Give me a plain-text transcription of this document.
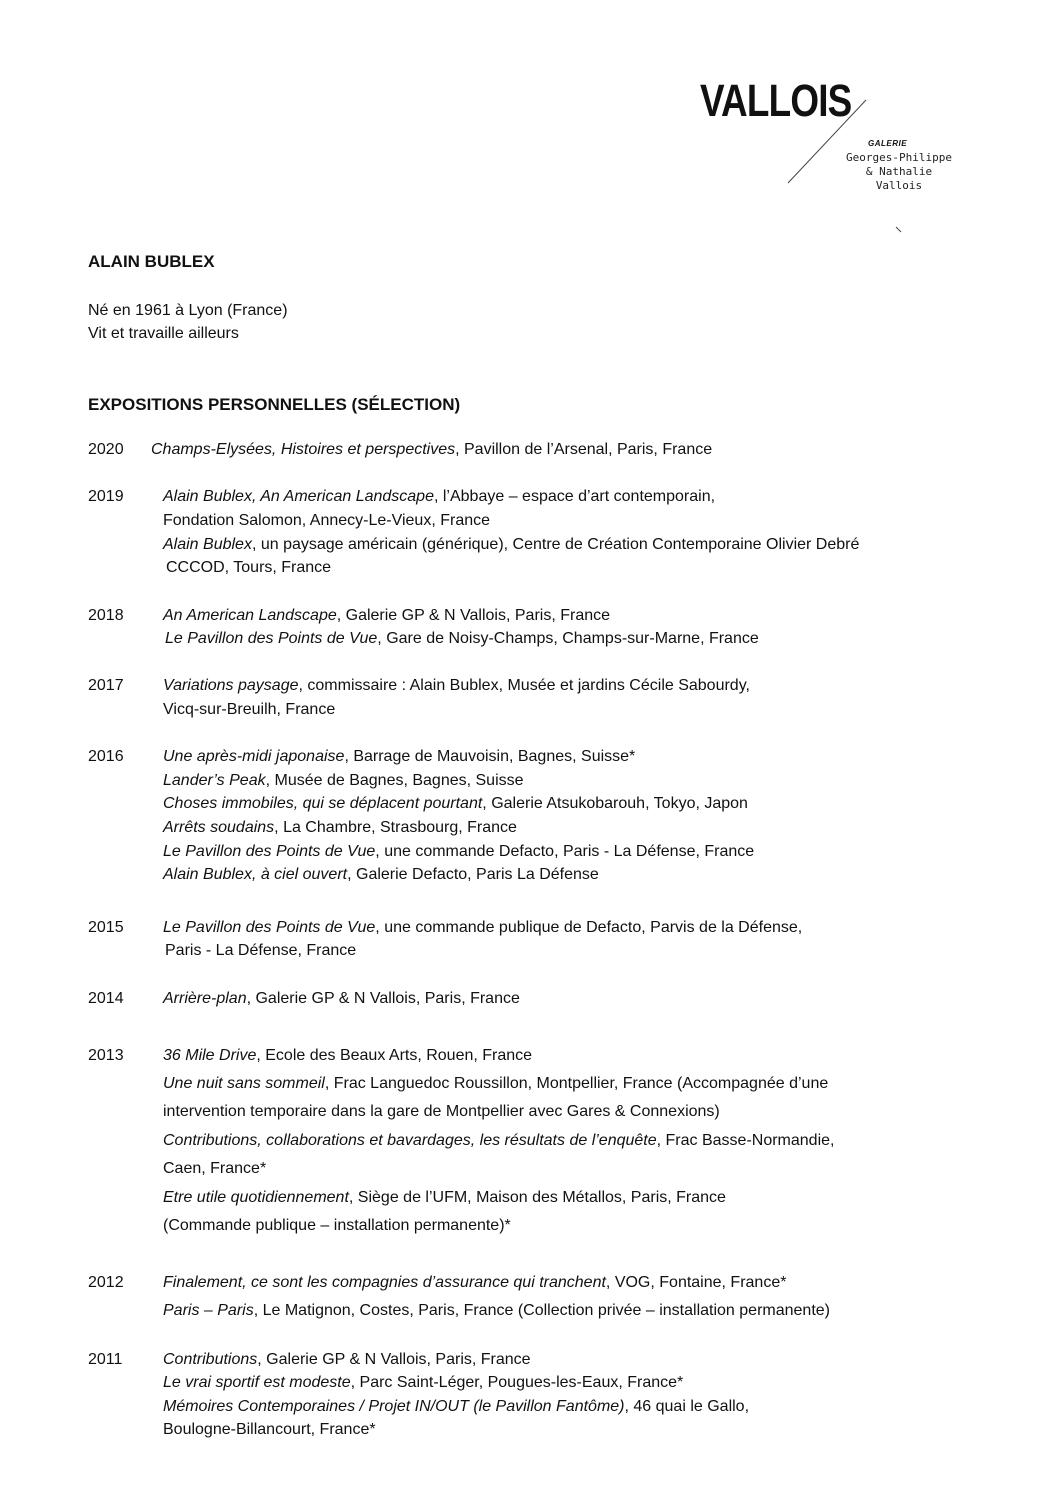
VALLOIS
GALERIE
Georges-Philippe
& Nathalie
Vallois
ALAIN BUBLEX
Né en 1961 à Lyon (France)
Vit et travaille ailleurs
EXPOSITIONS PERSONNELLES (SÉLECTION)
2020
2019
2018
2017
2016
2015
2014
2013
2012
2011
Champs-Elysées, Histoires et perspectives, Pavillon de l’Arsenal, Paris, France
Alain Bublex, An American Landscape, l’Abbaye – espace d’art contemporain,
Fondation Salomon, Annecy-Le-Vieux, France
Alain Bublex, un paysage américain (générique), Centre de Création Contemporaine Olivier Debré
CCCOD, Tours, France
An American Landscape, Galerie GP & N Vallois, Paris, France
Le Pavillon des Points de Vue, Gare de Noisy-Champs, Champs-sur-Marne, France
Variations paysage, commissaire : Alain Bublex, Musée et jardins Cécile Sabourdy,
Vicq-sur-Breuilh, France
Une après-midi japonaise, Barrage de Mauvoisin, Bagnes, Suisse*
Lander’s Peak, Musée de Bagnes, Bagnes, Suisse
Choses immobiles, qui se déplacent pourtant, Galerie Atsukobarouh, Tokyo, Japon
Arrêts soudains, La Chambre, Strasbourg, France
Le Pavillon des Points de Vue, une commande Defacto, Paris - La Défense, France
Alain Bublex, à ciel ouvert, Galerie Defacto, Paris La Défense
Le Pavillon des Points de Vue, une commande publique de Defacto, Parvis de la Défense,
Paris - La Défense, France
Arrière-plan, Galerie GP & N Vallois, Paris, France
36 Mile Drive, Ecole des Beaux Arts, Rouen, France
Une nuit sans sommeil, Frac Languedoc Roussillon, Montpellier, France (Accompagnée d’une
intervention temporaire dans la gare de Montpellier avec Gares & Connexions)
Contributions, collaborations et bavardages, les résultats de l’enquête, Frac Basse-Normandie,
Caen, France*
Etre utile quotidiennement, Siège de l’UFM, Maison des Métallos, Paris, France
(Commande publique – installation permanente)*
Finalement, ce sont les compagnies d’assurance qui tranchent, VOG, Fontaine, France*
Paris – Paris, Le Matignon, Costes, Paris, France (Collection privée – installation permanente)
Contributions, Galerie GP & N Vallois, Paris, France
Le vrai sportif est modeste, Parc Saint-Léger, Pougues-les-Eaux, France*
Mémoires Contemporaines / Projet IN/OUT (le Pavillon Fantôme), 46 quai le Gallo,
Boulogne-Billancourt, France*
